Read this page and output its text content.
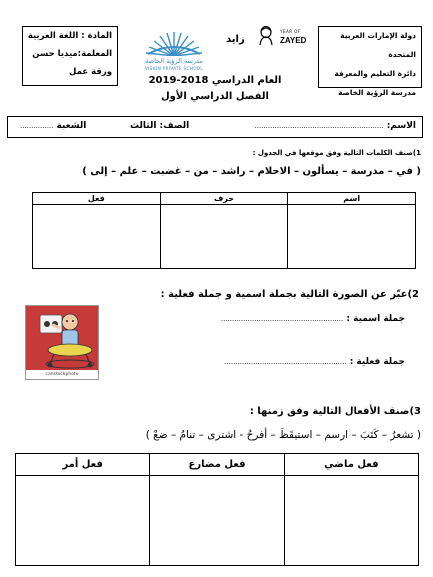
دولة الإمارات العربية المتحدة
دائرة التعليم والمعرفة
مدرسة الرؤية الخاصة
المادة : اللغة العربية
المعلمة:ميديا حسن
ورقة عمل
YEAR OF
ZAYED
زايد
مدرسة الرؤية الخاصة
VISION PRIVATE SCHOOL
العام الدراسي 2018-2019
الفصل الدراسي الأول
الاسم: ..........................................................
الصف: الثالث
الشعبة ...............
1)صنف الكلمات التالية وفق موقعها في الجدول :
( في – مدرسة – يسألون – الاحلام – راشد – من – غضبت – علم – إلى )
اسم	حرف	فعل

2)عبّر عن الصورة التالية بجملة اسمية و جملة فعلية :
canstockphoto
جملة اسمية : .......................................................
جملة فعلية : .......................................................
3)صنف الأفعال التالية وفق زمنها :
( تشعرُ – كَتَبَ – ارسم – استيقَظَ – أفرحُ - اشترى – تنامُ – ضعْ )
فعل ماضي	فعل مضارع	فعل أمر
